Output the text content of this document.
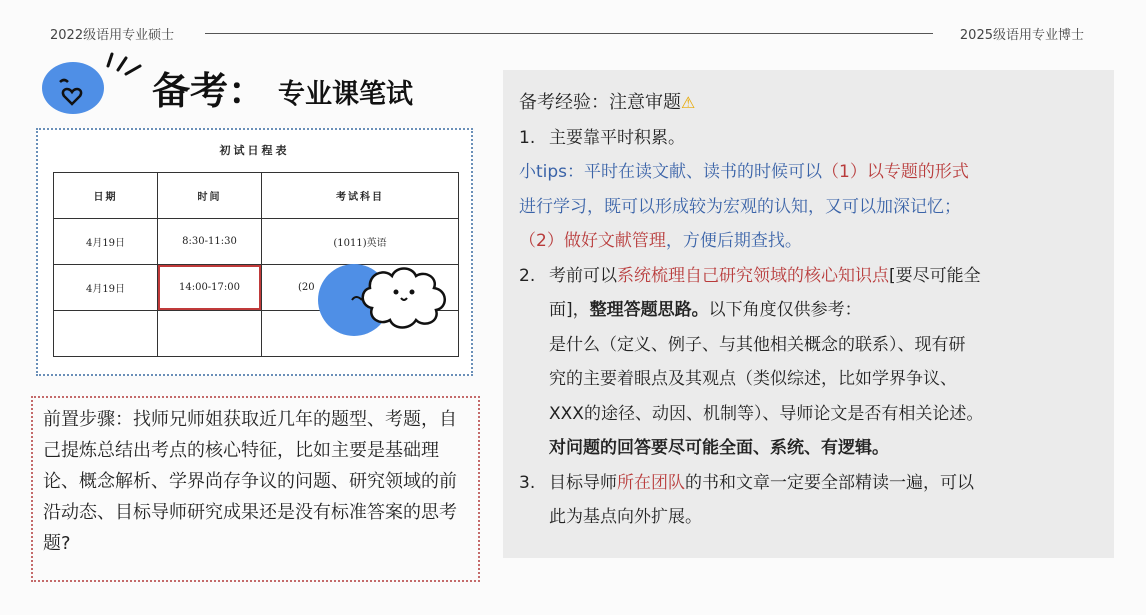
2022级语用专业硕士	2025级语用专业博士
备考： 专业课笔试
初试日程表
日期	时间	考试科目
4月19日	8:30-11:30	(1011)英语
4月19日	14:00-17:00	(20

前置步骤：找师兄师姐获取近几年的题型、考题，自己提炼总结出考点的核心特征，比如主要是基础理论、概念解析、学界尚存争议的问题、研究领域的前沿动态、目标导师研究成果还是没有标准答案的思考题?
备考经验：注意审题⚠
1. 主要靠平时积累。
小tips：平时在读文献、读书的时候可以（1）以专题的形式
进行学习，既可以形成较为宏观的认知，又可以加深记忆；
（2）做好文献管理，方便后期查找。
2. 考前可以系统梳理自己研究领域的核心知识点[要尽可能全
面]，整理答题思路。以下角度仅供参考：
是什么（定义、例子、与其他相关概念的联系）、现有研
究的主要着眼点及其观点（类似综述，比如学界争议、
XXX的途径、动因、机制等）、导师论文是否有相关论述。
对问题的回答要尽可能全面、系统、有逻辑。
3. 目标导师所在团队的书和文章一定要全部精读一遍，可以
此为基点向外扩展。
